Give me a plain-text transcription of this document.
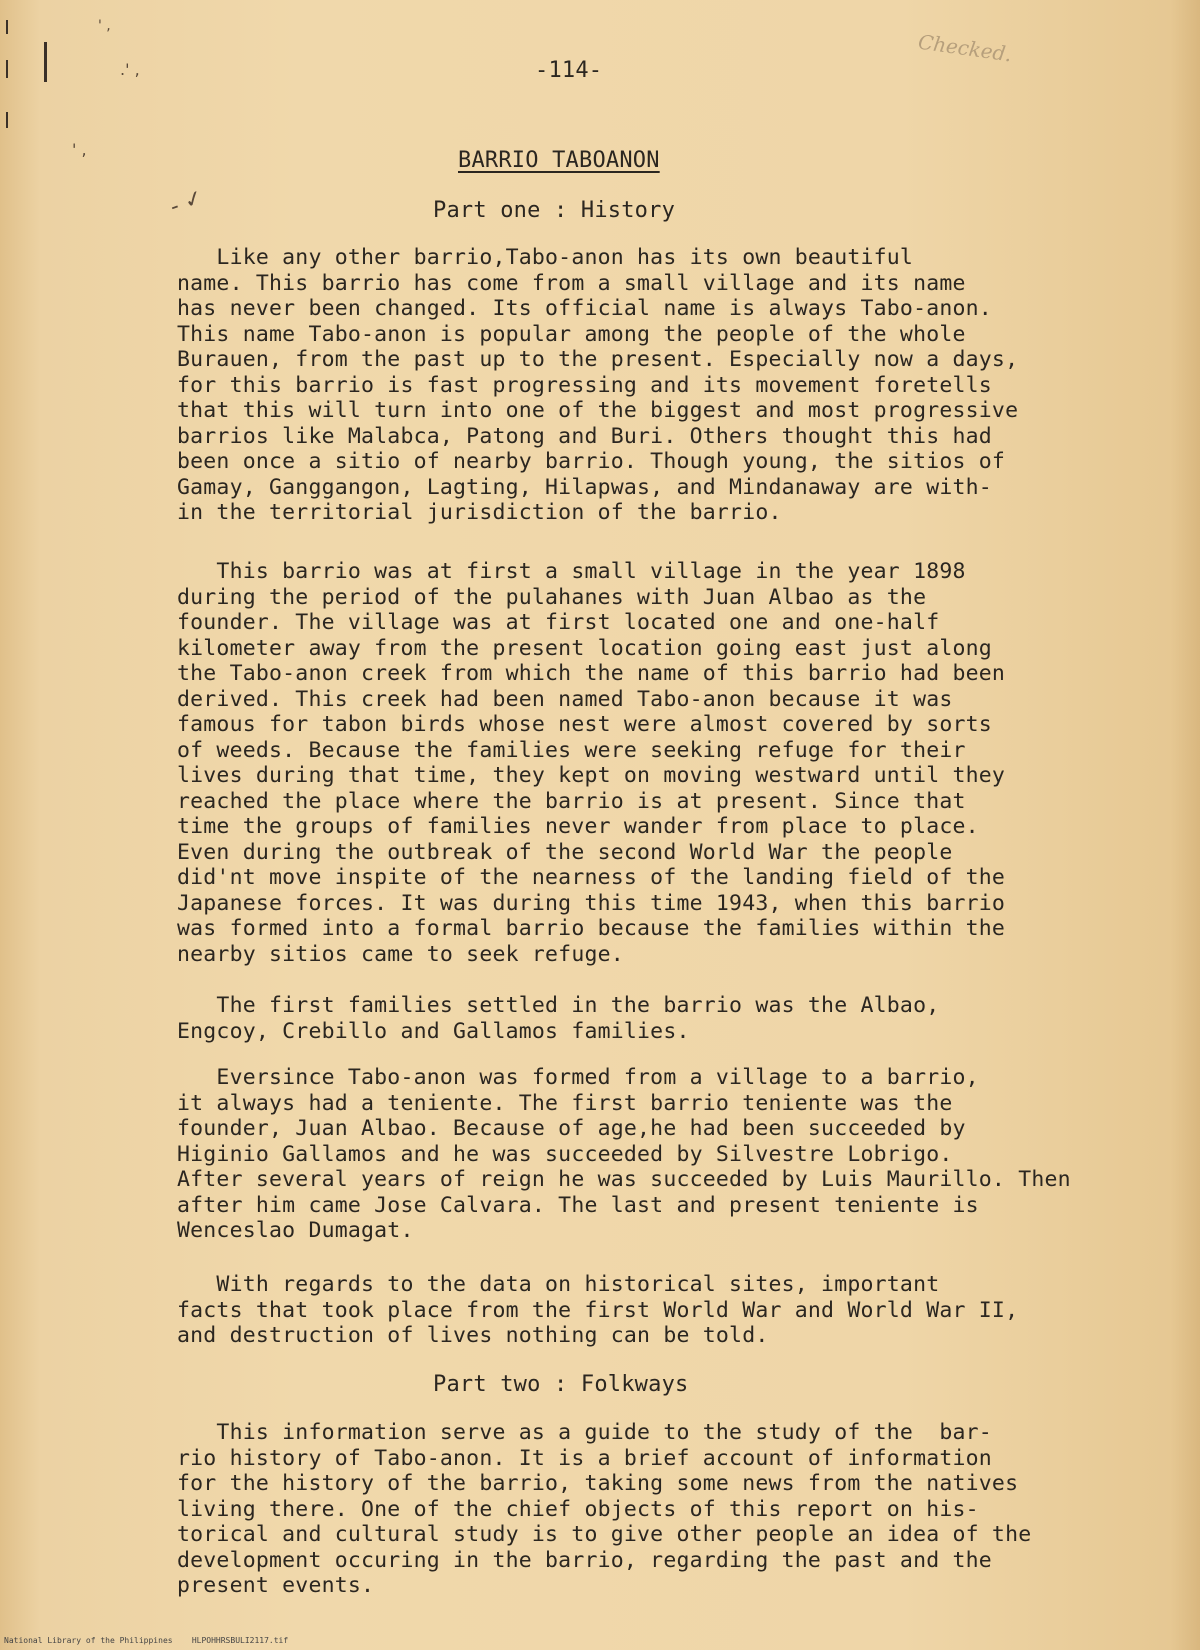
' ,
.' ,
' ,
- ✓
-114-
Checked.
BARRIO TABOANON
Part one : History
Like any other barrio,Tabo-anon has its own beautiful
name. This barrio has come from a small village and its name
has never been changed. Its official name is always Tabo-anon.
This name Tabo-anon is popular among the people of the whole
Burauen, from the past up to the present. Especially now a days,
for this barrio is fast progressing and its movement foretells
that this will turn into one of the biggest and most progressive
barrios like Malabca, Patong and Buri. Others thought this had
been once a sitio of nearby barrio. Though young, the sitios of
Gamay, Ganggangon, Lagting, Hilapwas, and Mindanaway are with-
in the territorial jurisdiction of the barrio.
This barrio was at first a small village in the year 1898
during the period of the pulahanes with Juan Albao as the
founder. The village was at first located one and one-half
kilometer away from the present location going east just along
the Tabo-anon creek from which the name of this barrio had been
derived. This creek had been named Tabo-anon because it was
famous for tabon birds whose nest were almost covered by sorts
of weeds. Because the families were seeking refuge for their
lives during that time, they kept on moving westward until they
reached the place where the barrio is at present. Since that
time the groups of families never wander from place to place.
Even during the outbreak of the second World War the people
did'nt move inspite of the nearness of the landing field of the
Japanese forces. It was during this time 1943, when this barrio
was formed into a formal barrio because the families within the
nearby sitios came to seek refuge.
The first families settled in the barrio was the Albao,
Engcoy, Crebillo and Gallamos families.
Eversince Tabo-anon was formed from a village to a barrio,
it always had a teniente. The first barrio teniente was the
founder, Juan Albao. Because of age,he had been succeeded by
Higinio Gallamos and he was succeeded by Silvestre Lobrigo.
After several years of reign he was succeeded by Luis Maurillo. Then
after him came Jose Calvara. The last and present teniente is
Wenceslao Dumagat.
With regards to the data on historical sites, important
facts that took place from the first World War and World War II,
and destruction of lives nothing can be told.
Part two : Folkways
This information serve as a guide to the study of the  bar-
rio history of Tabo-anon. It is a brief account of information
for the history of the barrio, taking some news from the natives
living there. One of the chief objects of this report on his-
torical and cultural study is to give other people an idea of the
development occuring in the barrio, regarding the past and the
present events.
National Library of the Philippines    HLPOHHRSBULI2117.tif
